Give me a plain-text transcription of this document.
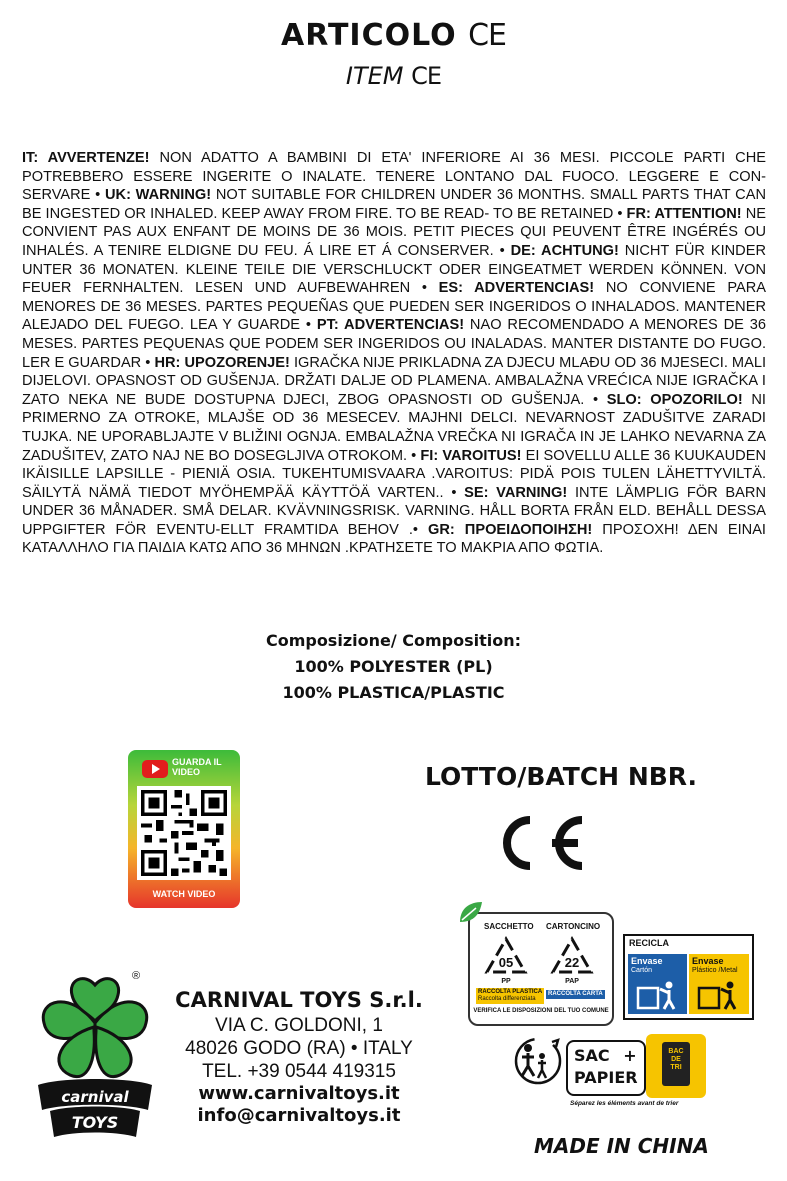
ARTICOLO CE
ITEM CE
IT: AVVERTENZE! NON ADATTO A BAMBINI DI ETA' INFERIORE AI 36 MESI. PICCOLE PARTI CHE POTREBBERO ESSERE INGERITE O INALATE. TENERE LONTANO DAL FUOCO. LEGGERE E CON-SERVARE • UK: WARNING! NOT SUITABLE FOR CHILDREN UNDER 36 MONTHS. SMALL PARTS THAT CAN BE INGESTED OR INHALED. KEEP AWAY FROM FIRE. TO BE READ- TO BE RETAINED • FR: ATTENTION! NE CONVIENT PAS AUX ENFANT DE MOINS DE 36 MOIS. PETIT PIECES QUI PEUVENT ÊTRE INGÉRÉS OU INHALÉS. A TENIRE ELDIGNE DU FEU. Á LIRE ET Á CONSERVER. • DE: ACHTUNG! NICHT FÜR KINDER UNTER 36 MONATEN. KLEINE TEILE DIE VERSCHLUCKT ODER EINGEATMET WERDEN KÖNNEN. VON FEUER FERNHALTEN. LESEN UND AUFBEWAHREN • ES: ADVERTENCIAS! NO CONVIENE PARA MENORES DE 36 MESES. PARTES PEQUEÑAS QUE PUEDEN SER INGERIDOS O INHALADOS. MANTENER ALEJADO DEL FUEGO. LEA Y GUARDE • PT: ADVERTENCIAS! NAO RECOMENDADO A MENORES DE 36 MESES. PARTES PEQUENAS QUE PODEM SER INGERIDOS OU INALADAS. MANTER DISTANTE DO FUGO. LER E GUARDAR • HR: UPOZORENJE! IGRAČKA NIJE PRIKLADNA ZA DJECU MLAĐU OD 36 MJESECI. MALI DIJELOVI. OPASNOST OD GUŠENJA. DRŽATI DALJE OD PLAMENA. AMBALAŽNA VREĆICA NIJE IGRAČKA I ZATO NEKA NE BUDE DOSTUPNA DJECI, ZBOG OPASNOSTI OD GUŠENJA. • SLO: OPOZORILO! NI PRIMERNO ZA OTROKE, MLAJŠE OD 36 MESECEV. MAJHNI DELCI. NEVARNOST ZADUŠITVE ZARADI TUJKA. NE UPORABLJAJTE V BLIŽINI OGNJA. EMBALAŽNA VREČKA NI IGRAČA IN JE LAHKO NEVARNA ZA ZADUŠITEV, ZATO NAJ NE BO DOSEGLJIVA OTROKOM. • FI: VAROITUS! EI SOVELLU ALLE 36 KUUKAUDEN IKÄISILLE LAPSILLE - PIENIÄ OSIA. TUKEHTUMISVAARA .VAROITUS: PIDÄ POIS TULEN LÄHETTYVILTÄ. SÄILYTÄ NÄMÄ TIEDOT MYÖHEMPÄÄ KÄYTTÖÄ VARTEN.. • SE: VARNING! INTE LÄMPLIG FÖR BARN UNDER 36 MÅNADER. SMÅ DELAR. KVÄVNINGSRISK. VARNING. HÅLL BORTA FRÅN ELD. BEHÅLL DESSA UPPGIFTER FÖR EVENTU-ELLT FRAMTIDA BEHOV .• GR: ΠΡΟΕΙΔΟΠΟΙΗΣΗ! ΠΡΟΣΟΧΗ! ΔΕΝ ΕΙΝΑΙ ΚΑΤΑΛΛΗΛΟ ΓΙΑ ΠΑΙΔΙΑ ΚΑΤΩ ΑΠΟ 36 ΜΗΝΩΝ .ΚΡΑΤΗΣΕΤΕ ΤΟ ΜΑΚΡΙΑ ΑΠΟ ΦΩΤΙΑ.
Composizione/ Composition:
100% POLYESTER (PL)
100% PLASTICA/PLASTIC
GUARDA IL VIDEO
WATCH VIDEO
LOTTO/BATCH NBR.
SACCHETTO CARTONCINO
05	22
PP	PAP
RACCOLTA PLASTICA
Raccolta differenziata
RACCOLTA CARTA
VERIFICA LE DISPOSIZIONI DEL TUO COMUNE
RECICLA
Envase
Cartón
Envase
Plástico /Metal
SAC +
PAPIER
BAC
DE
TRI
Séparez les éléments avant de trier
MADE IN CHINA
carnival
TOYS
®
CARNIVAL TOYS S.r.l.
VIA C. GOLDONI, 1
48026 GODO (RA) • ITALY
TEL. +39 0544 419315
www.carnivaltoys.it
info@carnivaltoys.it
